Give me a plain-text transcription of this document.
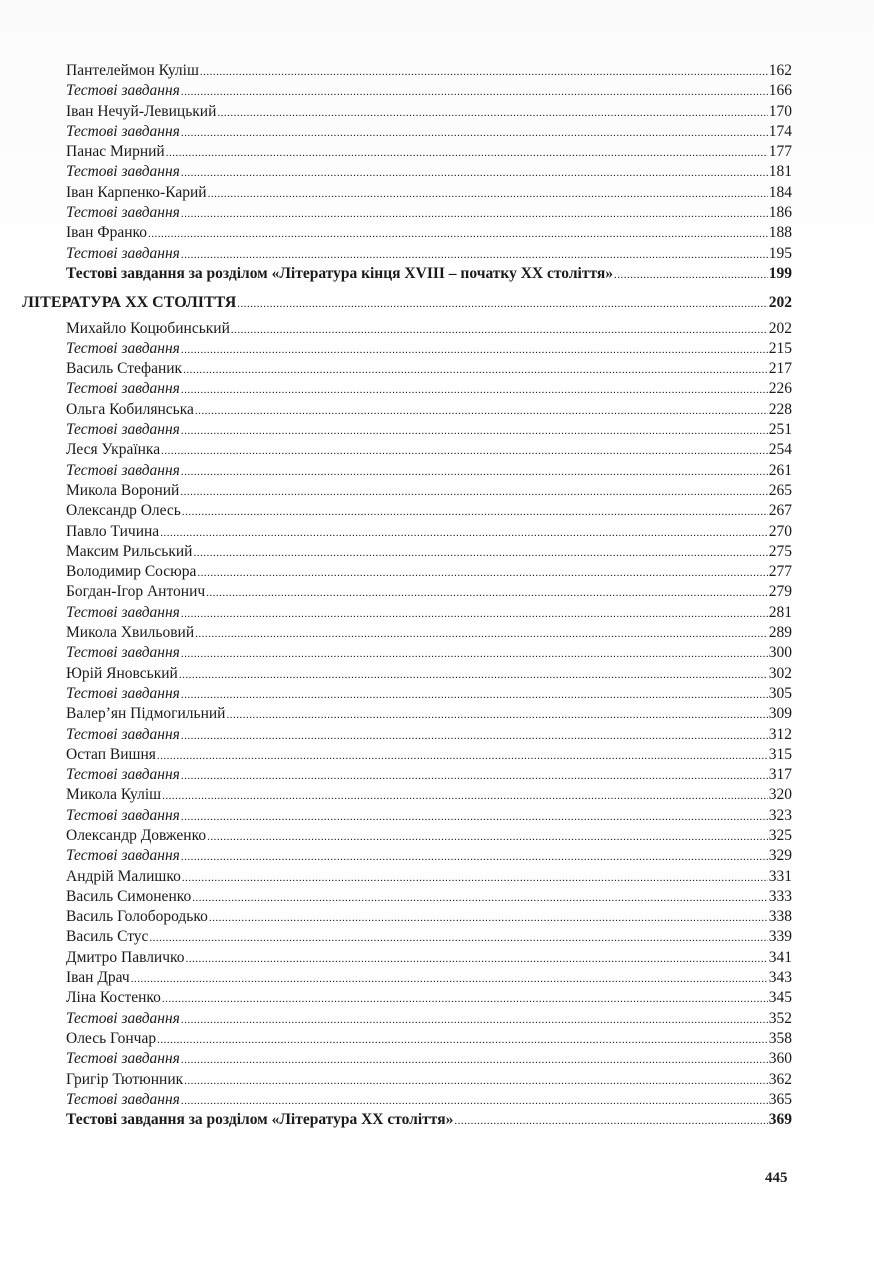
Пантелеймон Куліш .....	162
Тестові завдання .....	166
Іван Нечуй-Левицький .....	170
Тестові завдання .....	174
Панас Мирний .....	177
Тестові завдання .....	181
Іван Карпенко-Карий .....	184
Тестові завдання .....	186
Іван Франко .....	188
Тестові завдання .....	195
Тестові завдання за розділом «Література кінця XVIII – початку XX століття» .....	199
ЛІТЕРАТУРА XX СТОЛІТТЯ .....	202
Михайло Коцюбинський .....	202
Тестові завдання .....	215
Василь Стефаник .....	217
Тестові завдання .....	226
Ольга Кобилянська .....	228
Тестові завдання .....	251
Леся Українка .....	254
Тестові завдання .....	261
Микола Вороний .....	265
Олександр Олесь .....	267
Павло Тичина .....	270
Максим Рильський .....	275
Володимир Сосюра .....	277
Богдан-Ігор Антонич .....	279
Тестові завдання .....	281
Микола Хвильовий .....	289
Тестові завдання .....	300
Юрій Яновський .....	302
Тестові завдання .....	305
Валер’ян Підмогильний .....	309
Тестові завдання .....	312
Остап Вишня .....	315
Тестові завдання .....	317
Микола Куліш .....	320
Тестові завдання .....	323
Олександр Довженко .....	325
Тестові завдання .....	329
Андрій Малишко .....	331
Василь Симоненко .....	333
Василь Голобородько .....	338
Василь Стус .....	339
Дмитро Павличко .....	341
Іван Драч .....	343
Ліна Костенко .....	345
Тестові завдання .....	352
Олесь Гончар .....	358
Тестові завдання .....	360
Григір Тютюнник .....	362
Тестові завдання .....	365
Тестові завдання за розділом «Література XX століття» .....	369
445
